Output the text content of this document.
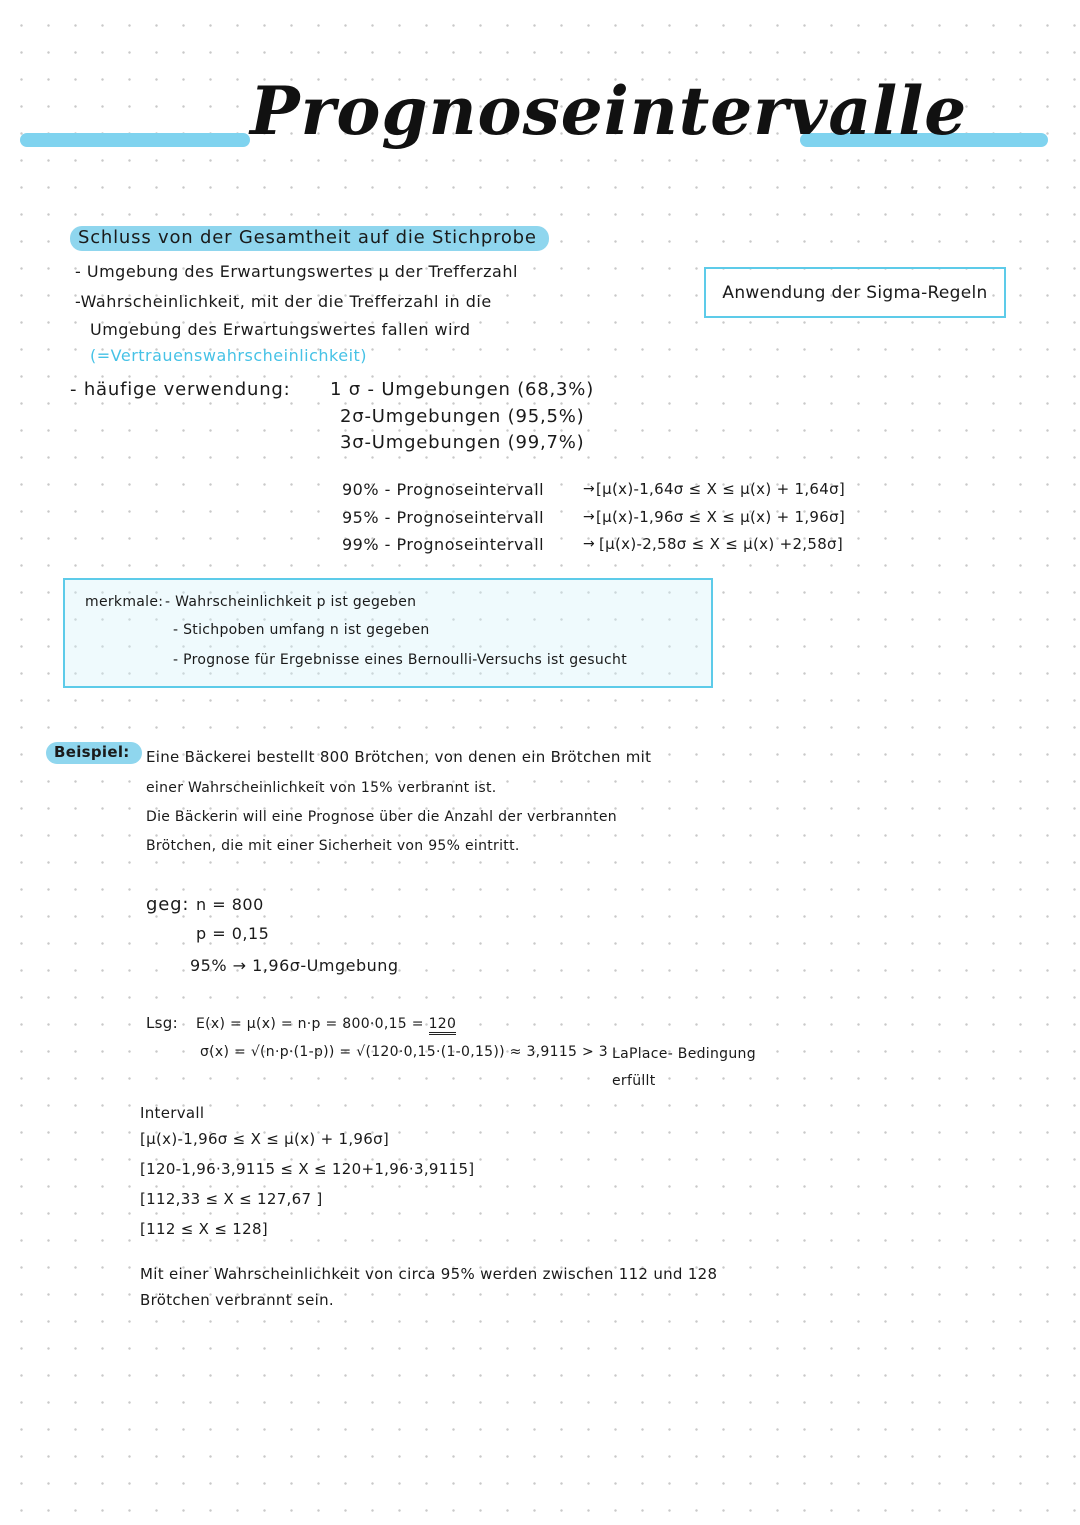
Prognoseintervalle
Schluss von der Gesamtheit auf die Stichprobe
- Umgebung des Erwartungswertes μ der Trefferzahl
-Wahrscheinlichkeit, mit der die Trefferzahl in die
Umgebung des Erwartungswertes fallen wird
(=Vertrauenswahrscheinlichkeit)
- häufige verwendung: 1 σ - Umgebungen (68,3%)
2σ-Umgebungen (95,5%)
3σ-Umgebungen (99,7%)
Anwendung der Sigma-Regeln
90% - Prognoseintervall	→ [μ(x)-1,64σ ≤ X ≤ μ(x) + 1,64σ]
95% - Prognoseintervall	→ [μ(x)-1,96σ ≤ X ≤ μ(x) + 1,96σ]
99% - Prognoseintervall	→ [μ(x)-2,58σ ≤ X ≤ μ(x) +2,58σ]
merkmale: - Wahrscheinlichkeit p ist gegeben
- Stichpoben umfang n ist gegeben
- Prognose für Ergebnisse eines Bernoulli-Versuchs ist gesucht
Beispiel:	Eine Bäckerei bestellt 800 Brötchen, von denen ein Brötchen mit
einer Wahrscheinlichkeit von 15% verbrannt ist.
Die Bäckerin will eine Prognose über die Anzahl der verbrannten
Brötchen, die mit einer Sicherheit von 95% eintritt.
geg: n = 800
p = 0,15
95% → 1,96σ-Umgebung
Lsg: E(x) = μ(x) = n·p = 800·0,15 = 120
σ(x) = √(n·p·(1-p)) = √(120·0,15·(1-0,15)) ≈ 3,9115 > 3 LaPlace- Bedingung
erfüllt
Intervall
[μ(x)-1,96σ ≤ X ≤ μ(x) + 1,96σ]
[120-1,96·3,9115 ≤ X ≤ 120+1,96·3,9115]
[112,33 ≤ X ≤ 127,67 ]
[112 ≤ X ≤ 128]
Mit einer Wahrscheinlichkeit von circa 95% werden zwischen 112 und 128
Brötchen verbrannt sein.
